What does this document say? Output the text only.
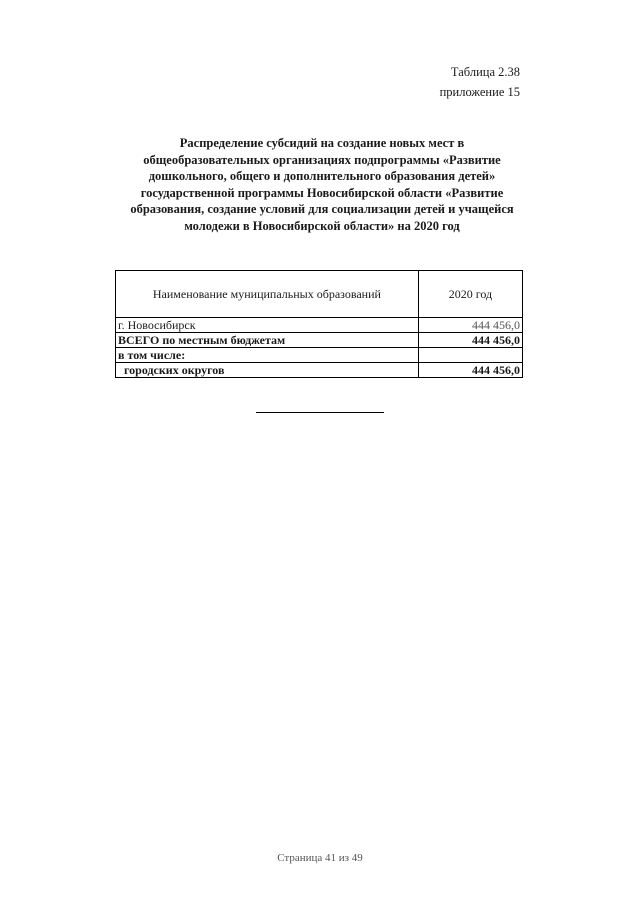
Таблица 2.38
приложение 15
Распределение субсидий на создание новых мест в
общеобразовательных организациях подпрограммы «Развитие
дошкольного, общего и дополнительного образования детей»
государственной программы Новосибирской области «Развитие
образования, создание условий для социализации детей и учащейся
молодежи в Новосибирской области» на 2020 год
Наименование муниципальных образований	2020 год
г. Новосибирск	444 456,0
ВСЕГО по местным бюджетам	444 456,0
в том числе:	
городских округов	444 456,0
Страница 41 из 49
